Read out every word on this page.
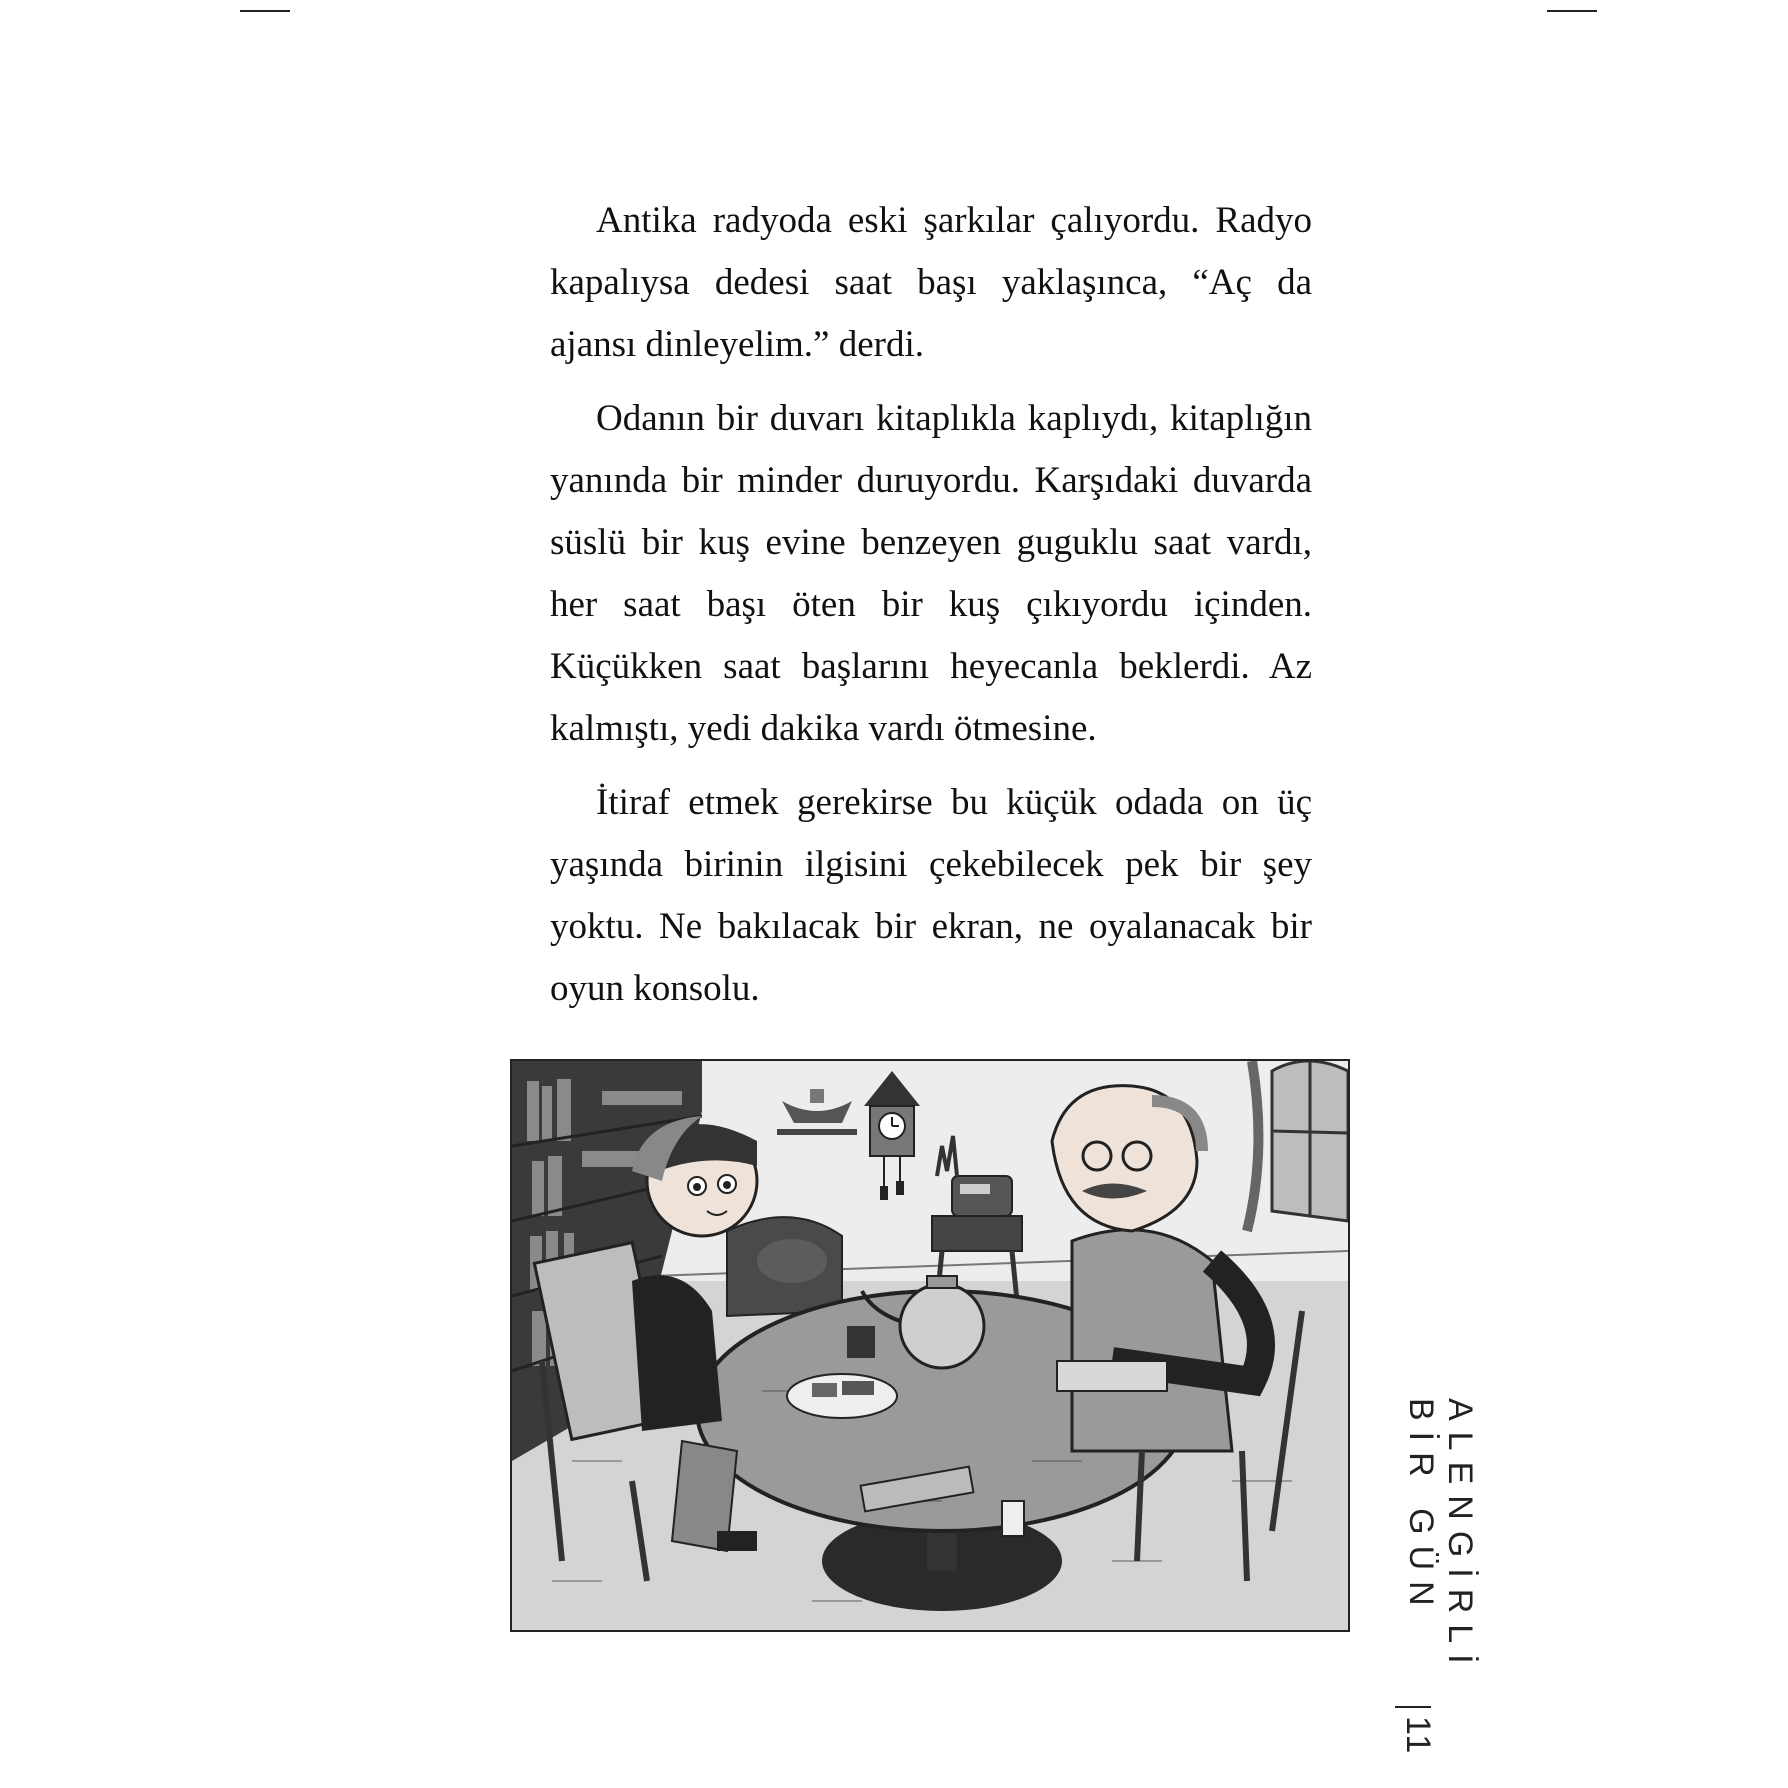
Antika radyoda eski şarkılar çalıyordu. Radyo kapalıysa dedesi saat başı yaklaşınca, “Aç da ajansı dinleyelim.” derdi.

Odanın bir duvarı kitaplıkla kaplıydı, kitaplığın yanında bir minder duruyordu. Karşıdaki duvarda süslü bir kuş evine benzeyen guguklu saat vardı, her saat başı öten bir kuş çıkıyordu içinden. Küçükken saat başlarını heyecanla beklerdi. Az kalmıştı, yedi dakika vardı ötmesine.

İtiraf etmek gerekirse bu küçük odada on üç yaşında birinin ilgisini çekebilecek pek bir şey yoktu. Ne bakılacak bir ekran, ne oyalanacak bir oyun konsolu.

ALENGİRLİ BİR GÜN
11
